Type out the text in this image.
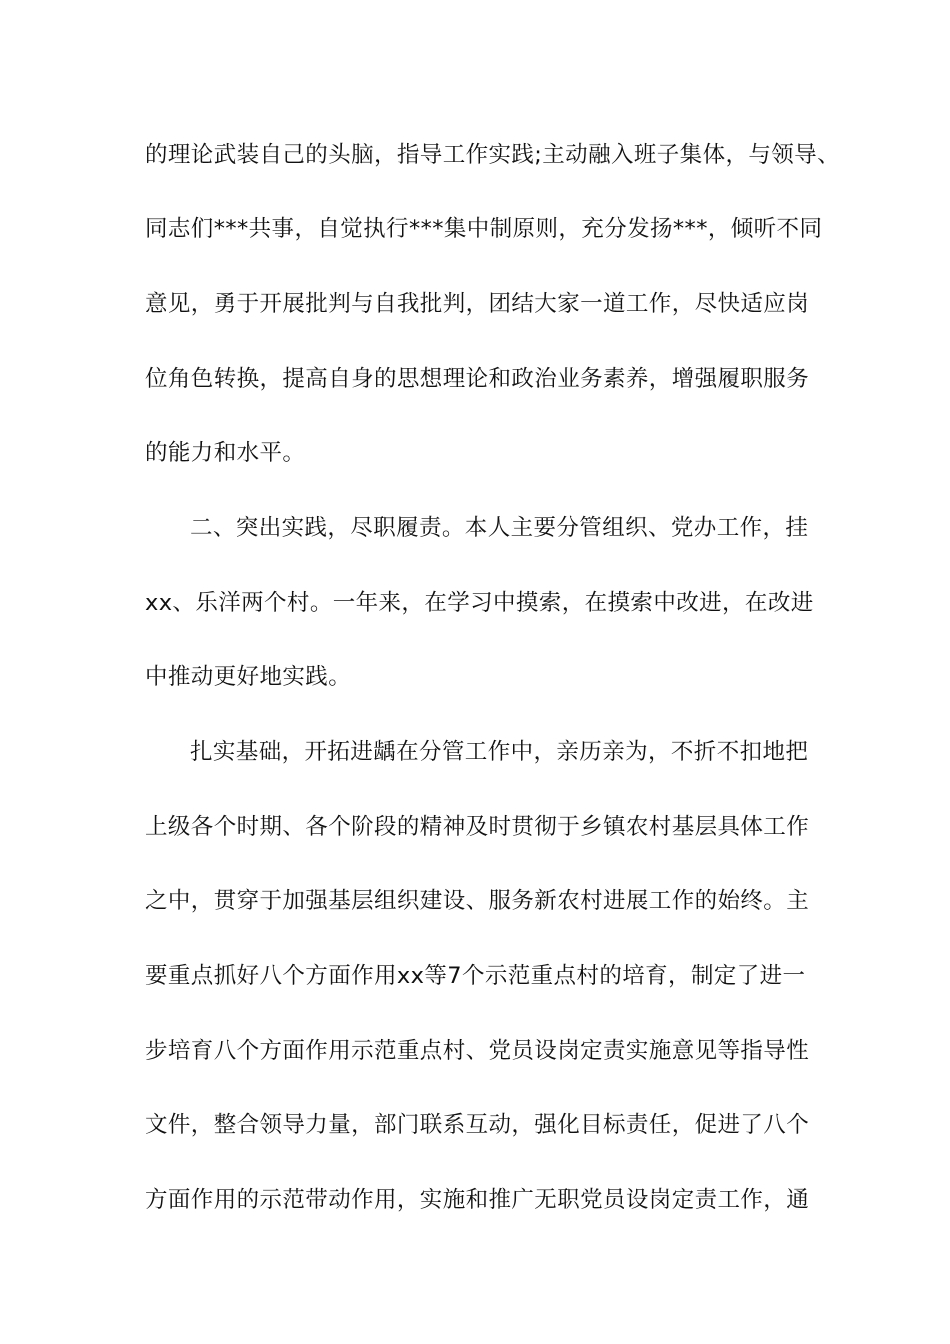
的理论武装自己的头脑，指导工作实践;主动融入班子集体，与领导、
同志们***共事，自觉执行***集中制原则，充分发扬***，倾听不同
意见，勇于开展批判与自我批判，团结大家一道工作，尽快适应岗
位角色转换，提高自身的思想理论和政治业务素养，增强履职服务
的能力和水平。
二、突出实践，尽职履责。本人主要分管组织、党办工作，挂
xx、乐洋两个村。一年来，在学习中摸索，在摸索中改进，在改进
中推动更好地实践。
扎实基础，开拓进龋在分管工作中，亲历亲为，不折不扣地把
上级各个时期、各个阶段的精神及时贯彻于乡镇农村基层具体工作
之中，贯穿于加强基层组织建设、服务新农村进展工作的始终。主
要重点抓好八个方面作用xx等7个示范重点村的培育，制定了进一
步培育八个方面作用示范重点村、党员设岗定责实施意见等指导性
文件，整合领导力量，部门联系互动，强化目标责任，促进了八个
方面作用的示范带动作用，实施和推广无职党员设岗定责工作，通
